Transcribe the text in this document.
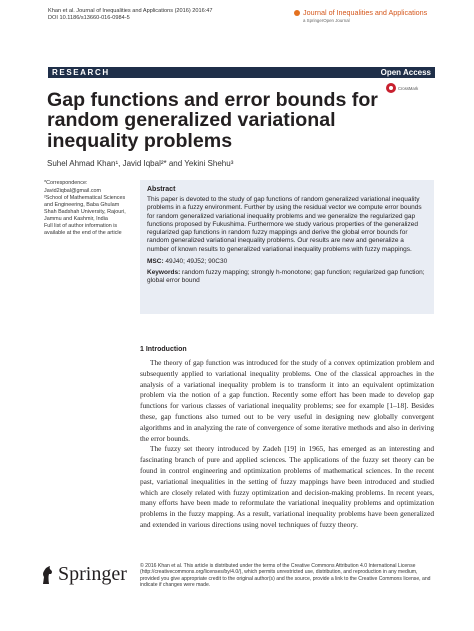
Khan et al. Journal of Inequalities and Applications (2016) 2016:47
DOI 10.1186/s13660-016-0984-5
Journal of Inequalities and Applications
a SpringerOpen Journal
RESEARCH	Open Access
CrossMark
Gap functions and error bounds for random generalized variational inequality problems
Suhel Ahmad Khan¹, Javid Iqbal²* and Yekini Shehu³

*Correspondence:

Javid2iqbal@gmail.com

²School of Mathematical Sciences and Engineering, Baba Ghulam Shah Badshah University, Rajouri, Jammu and Kashmir, India

Full list of author information is available at the end of the article

Abstract
This paper is devoted to the study of gap functions of random generalized variational inequality problems in a fuzzy environment. Further by using the residual vector we compute error bounds for random generalized variational inequality problems and we generalize the regularized gap functions proposed by Fukushima. Furthermore we study various properties of the generalized regularized gap functions in random fuzzy mappings and derive the global error bounds for random generalized variational inequality problems. Our results are new and generalize a number of known results to generalized variational inequality problems with fuzzy mappings.
MSC: 49J40; 49J52; 90C30
Keywords: random fuzzy mapping; strongly h-monotone; gap function; regularized gap function; global error bound
1 Introduction

The theory of gap function was introduced for the study of a convex optimization problem and subsequently applied to variational inequality problems. One of the classical approaches in the analysis of a variational inequality problem is to transform it into an equivalent optimization problem via the notion of a gap function. Recently some effort has been made to develop gap functions for various classes of variational inequality problems; see for example [1–18]. Besides these, gap functions also turned out to be very useful in designing new globally convergent algorithms and in analyzing the rate of convergence of some iterative methods and also in deriving the error bounds.

The fuzzy set theory introduced by Zadeh [19] in 1965, has emerged as an interesting and fascinating branch of pure and applied sciences. The applications of the fuzzy set theory can be found in control engineering and optimization problems of mathematical sciences. In the recent past, variational inequalities in the setting of fuzzy mappings have been introduced and studied which are closely related with fuzzy optimization and decision-making problems. In recent years, many efforts have been made to reformulate the variational inequality problems and optimization problems in the fuzzy mapping. As a result, variational inequality problems have been generalized and extended in various directions using novel techniques of fuzzy theory.

Springer	© 2016 Khan et al. This article is distributed under the terms of the Creative Commons Attribution 4.0 International License (http://creativecommons.org/licenses/by/4.0/), which permits unrestricted use, distribution, and reproduction in any medium, provided you give appropriate credit to the original author(s) and the source, provide a link to the Creative Commons license, and indicate if changes were made.
